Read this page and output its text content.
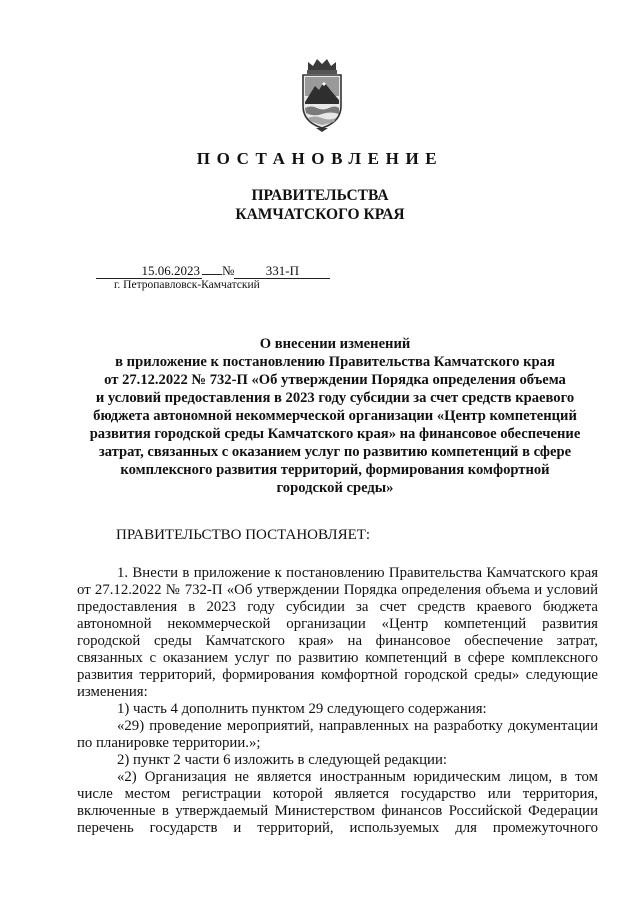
ПОСТАНОВЛЕНИЕ
ПРАВИТЕЛЬСТВА
КАМЧАТСКОГО КРАЯ
15.06.2023 № 331-П
г. Петропавловск-Камчатский
О внесении изменений
в приложение к постановлению Правительства Камчатского края
от 27.12.2022 № 732-П «Об утверждении Порядка определения объема
и условий предоставления в 2023 году субсидии за счет средств краевого
бюджета автономной некоммерческой организации «Центр компетенций
развития городской среды Камчатского края» на финансовое обеспечение
затрат, связанных с оказанием услуг по развитию компетенций в сфере
комплексного развития территорий, формирования комфортной
городской среды»
ПРАВИТЕЛЬСТВО ПОСТАНОВЛЯЕТ:
1. Внести в приложение к постановлению Правительства Камчатского края
от 27.12.2022 № 732-П «Об утверждении Порядка определения объема и условий
предоставления в 2023 году субсидии за счет средств краевого бюджета
автономной некоммерческой организации «Центр компетенций развития
городской среды Камчатского края» на финансовое обеспечение затрат,
связанных с оказанием услуг по развитию компетенций в сфере комплексного
развития территорий, формирования комфортной городской среды» следующие
изменения:
1) часть 4 дополнить пунктом 29 следующего содержания:
«29) проведение мероприятий, направленных на разработку документации
по планировке территории.»;
2) пункт 2 части 6 изложить в следующей редакции:
«2) Организация не является иностранным юридическим лицом, в том
числе местом регистрации которой является государство или территория,
включенные в утверждаемый Министерством финансов Российской Федерации
перечень государств и территорий, используемых для промежуточного
